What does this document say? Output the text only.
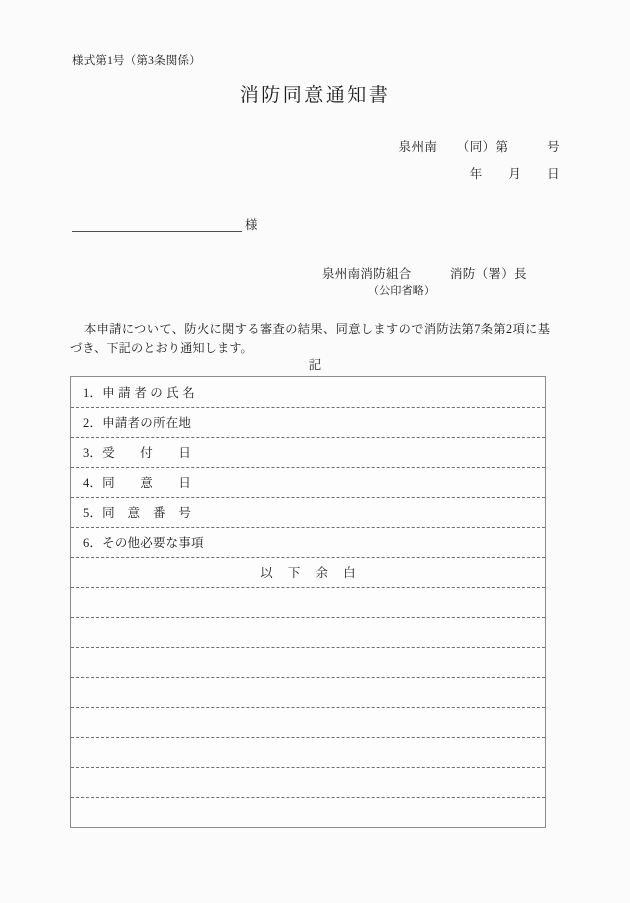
様式第1号（第3条関係）
消防同意通知書
泉州南　　（同）第　　　号
年　　月　　日
様
泉州南消防組合　　　消防（署）長
（公印省略）
本申請について、防火に関する審査の結果、同意しますので消防法第7条第2項に基づき、下記のとおり通知します。
記
1．申 請 者 の 氏 名
2．申請者の所在地
3．受　　付　　日
4．同　　意　　日
5．同　意　番　号
6．その他必要な事項
以 下 余 白
